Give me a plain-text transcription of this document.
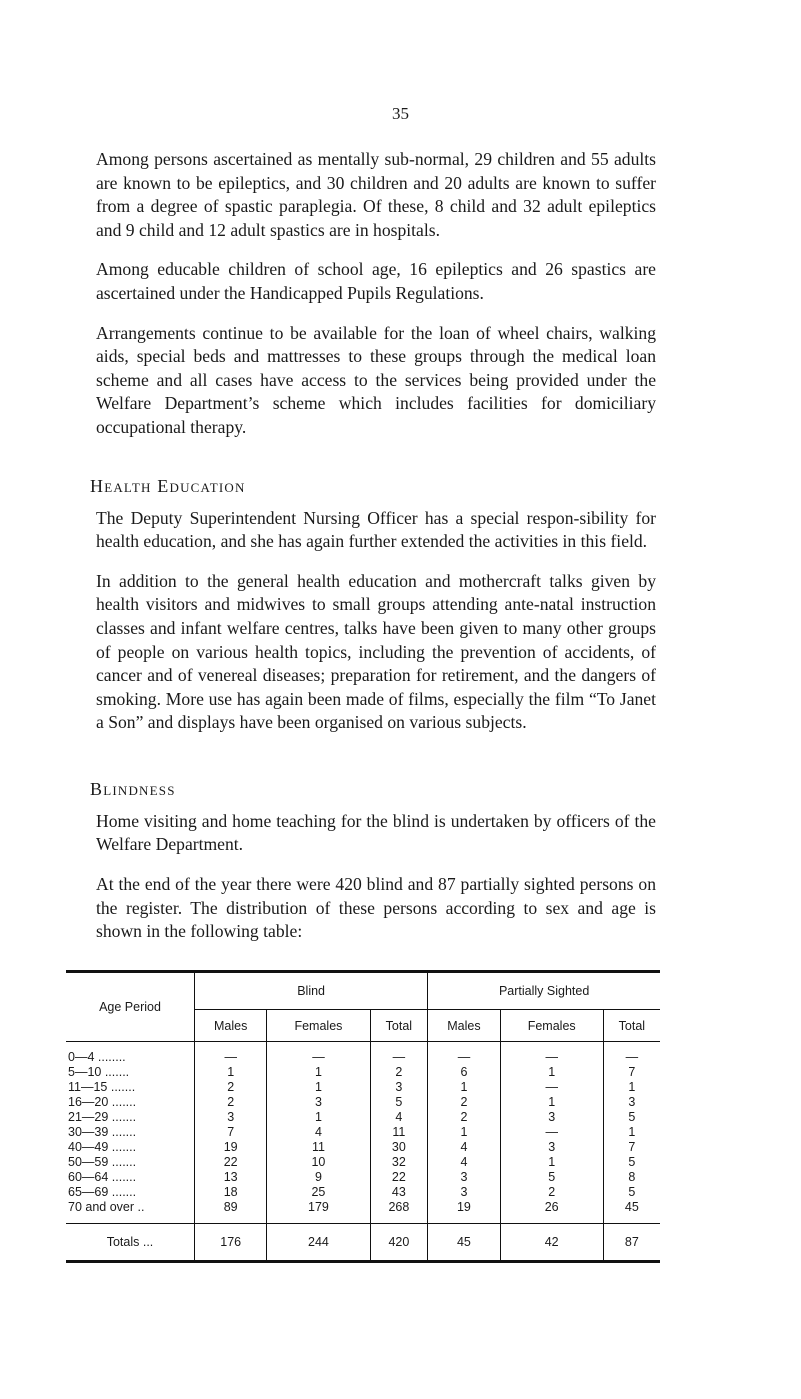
35

Among persons ascertained as mentally sub-normal, 29 children and 55 adults are known to be epileptics, and 30 children and 20 adults are known to suffer from a degree of spastic paraplegia. Of these, 8 child and 32 adult epileptics and 9 child and 12 adult spastics are in hospitals.

Among educable children of school age, 16 epileptics and 26 spastics are ascertained under the Handicapped Pupils Regulations.

Arrangements continue to be available for the loan of wheel chairs, walking aids, special beds and mattresses to these groups through the medical loan scheme and all cases have access to the services being provided under the Welfare Department’s scheme which includes facilities for domiciliary occupational therapy.

Health Education

The Deputy Superintendent Nursing Officer has a special respon-sibility for health education, and she has again further extended the activities in this field.

In addition to the general health education and mothercraft talks given by health visitors and midwives to small groups attending ante-natal instruction classes and infant welfare centres, talks have been given to many other groups of people on various health topics, including the prevention of accidents, of cancer and of venereal diseases; preparation for retirement, and the dangers of smoking. More use has again been made of films, especially the film “To Janet a Son” and displays have been organised on various subjects.

Blindness

Home visiting and home teaching for the blind is undertaken by officers of the Welfare Department.

At the end of the year there were 420 blind and 87 partially sighted persons on the register. The distribution of these persons according to sex and age is shown in the following table:

Age Period	Blind			Partially Sighted		
	Males	Females	Total	Males	Females	Total
0—4 ........	—	—	—	—	—	—
5—10 .......	1	1	2	6	1	7
11—15 .......	2	1	3	1	—	1
16—20 .......	2	3	5	2	1	3
21—29 .......	3	1	4	2	3	5
30—39 .......	7	4	11	1	—	1
40—49 .......	19	11	30	4	3	7
50—59 .......	22	10	32	4	1	5
60—64 .......	13	9	22	3	5	8
65—69 .......	18	25	43	3	2	5
70 and over ..	89	179	268	19	26	45
Totals ...	176	244	420	45	42	87
